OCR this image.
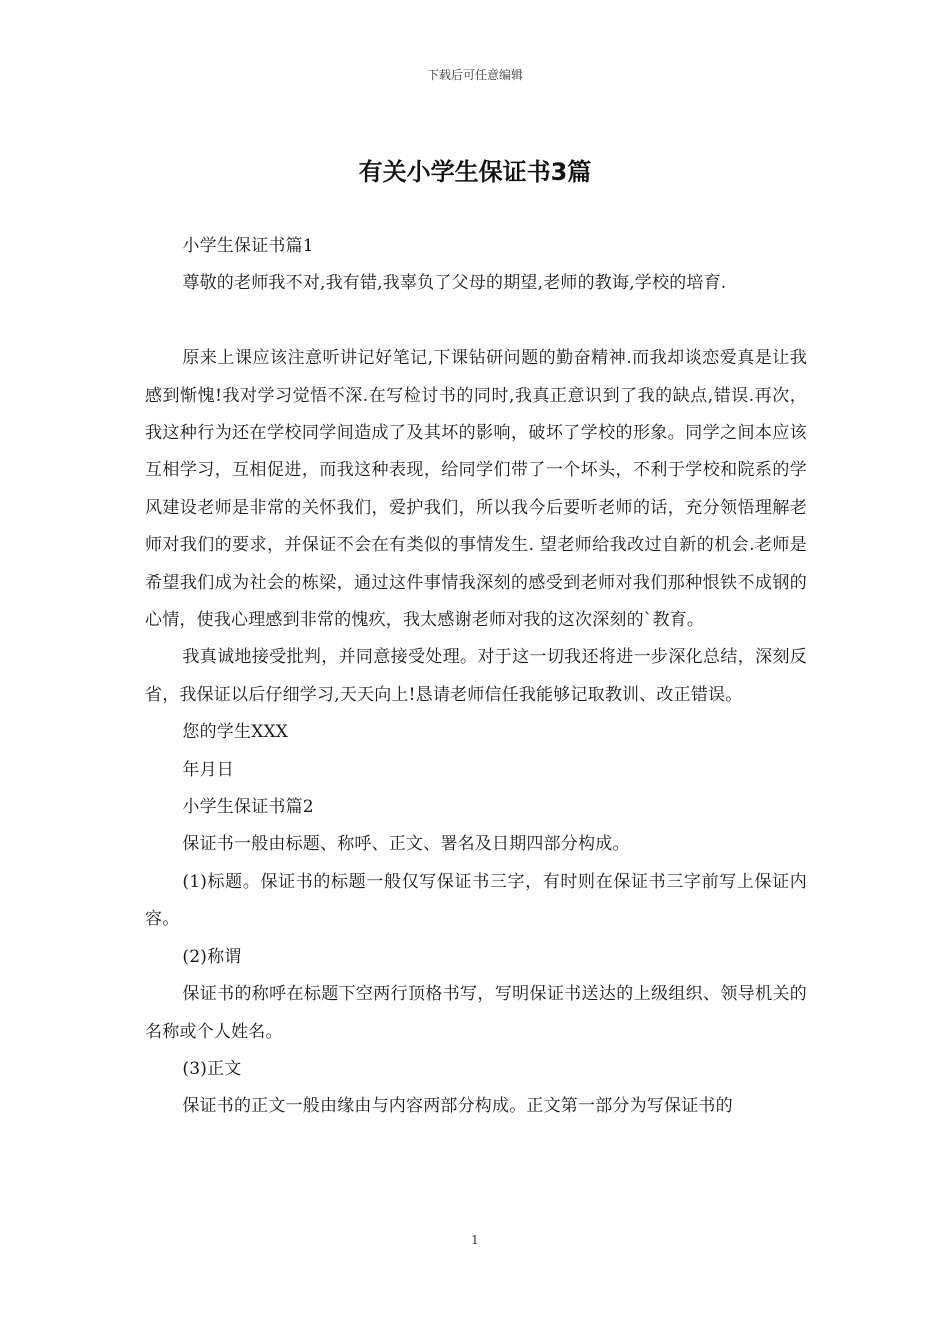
下载后可任意编辑
有关小学生保证书3篇

小学生保证书篇1

尊敬的老师我不对,我有错,我辜负了父母的期望,老师的教诲,学校的培育.

原来上课应该注意听讲记好笔记,下课钻研问题的勤奋精神.而我却谈恋爱真是让我感到惭愧!我对学习觉悟不深.在写检讨书的同时,我真正意识到了我的缺点,错误.再次，我这种行为还在学校同学间造成了及其坏的影响，破坏了学校的形象。同学之间本应该互相学习，互相促进，而我这种表现，给同学们带了一个坏头，不利于学校和院系的学风建设老师是非常的关怀我们，爱护我们，所以我今后要听老师的话，充分领悟理解老师对我们的要求，并保证不会在有类似的事情发生. 望老师给我改过自新的机会.老师是希望我们成为社会的栋梁，通过这件事情我深刻的感受到老师对我们那种恨铁不成钢的心情，使我心理感到非常的愧疚，我太感谢老师对我的这次深刻的`教育。

我真诚地接受批判，并同意接受处理。对于这一切我还将进一步深化总结，深刻反省，我保证以后仔细学习,天天向上!恳请老师信任我能够记取教训、改正错误。

您的学生XXX

年月日

小学生保证书篇2

保证书一般由标题、称呼、正文、署名及日期四部分构成。

(1)标题。保证书的标题一般仅写保证书三字，有时则在保证书三字前写上保证内容。

(2)称谓

保证书的称呼在标题下空两行顶格书写，写明保证书送达的上级组织、领导机关的名称或个人姓名。

(3)正文

保证书的正文一般由缘由与内容两部分构成。正文第一部分为写保证书的

1
